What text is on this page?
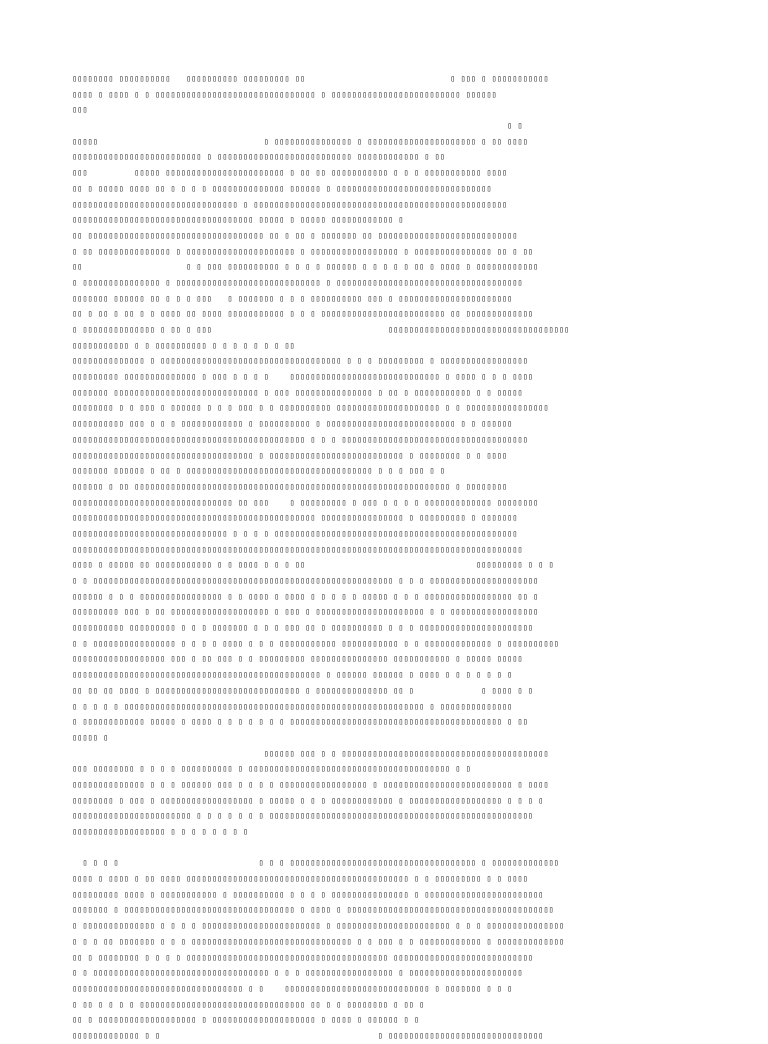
▯▯▯▯▯▯▯▯ ▯▯▯▯▯▯▯▯▯▯   ▯▯▯▯▯▯▯▯▯▯ ▯▯▯▯▯▯▯▯▯ ▯▯                            ▯ ▯▯▯ ▯ ▯▯▯▯▯▯▯▯▯▯▯
▯▯▯▯ ▯ ▯▯▯▯ ▯ ▯ ▯▯▯▯▯▯▯▯▯▯▯▯▯▯▯▯▯▯▯▯▯▯▯▯▯▯▯▯▯▯▯ ▯ ▯▯▯▯▯▯▯▯▯▯▯▯▯▯▯▯▯▯▯▯▯▯▯▯▯ ▯▯▯▯▯▯
▯▯▯
▯ ▯
▯▯▯▯▯                                ▯ ▯▯▯▯▯▯▯▯▯▯▯▯▯▯▯ ▯ ▯▯▯▯▯▯▯▯▯▯▯▯▯▯▯▯▯▯▯▯▯ ▯ ▯▯ ▯▯▯▯
▯▯▯▯▯▯▯▯▯▯▯▯▯▯▯▯▯▯▯▯▯▯▯▯▯ ▯ ▯▯▯▯▯▯▯▯▯▯▯▯▯▯▯▯▯▯▯▯▯▯▯▯▯▯ ▯▯▯▯▯▯▯▯▯▯▯▯ ▯ ▯▯
▯▯▯         ▯▯▯▯▯ ▯▯▯▯▯▯▯▯▯▯▯▯▯▯▯▯▯▯▯▯▯▯▯ ▯ ▯▯ ▯▯ ▯▯▯▯▯▯▯▯▯▯▯ ▯ ▯ ▯ ▯▯▯▯▯▯▯▯▯▯▯ ▯▯▯▯
▯▯ ▯ ▯▯▯▯▯ ▯▯▯▯ ▯▯ ▯ ▯ ▯ ▯ ▯▯▯▯▯▯▯▯▯▯▯▯▯▯ ▯▯▯▯▯▯ ▯ ▯▯▯▯▯▯▯▯▯▯▯▯▯▯▯▯▯▯▯▯▯▯▯▯▯▯▯▯▯▯
▯▯▯▯▯▯▯▯▯▯▯▯▯▯▯▯▯▯▯▯▯▯▯▯▯▯▯▯▯▯▯▯ ▯ ▯▯▯▯▯▯▯▯▯▯▯▯▯▯▯▯▯▯▯▯▯▯▯▯▯▯▯▯▯▯▯▯▯▯▯▯▯▯▯▯▯▯▯▯▯▯▯▯▯
▯▯▯▯▯▯▯▯▯▯▯▯▯▯▯▯▯▯▯▯▯▯▯▯▯▯▯▯▯▯▯▯▯▯▯ ▯▯▯▯▯ ▯ ▯▯▯▯▯ ▯▯▯▯▯▯▯▯▯▯▯▯ ▯
▯▯ ▯▯▯▯▯▯▯▯▯▯▯▯▯▯▯▯▯▯▯▯▯▯▯▯▯▯▯▯▯▯▯▯▯▯ ▯▯ ▯ ▯▯ ▯ ▯▯▯▯▯▯▯ ▯▯ ▯▯▯▯▯▯▯▯▯▯▯▯▯▯▯▯▯▯▯▯▯▯▯▯▯▯▯
▯ ▯▯ ▯▯▯▯▯▯▯▯▯▯▯▯▯▯ ▯ ▯▯▯▯▯▯▯▯▯▯▯▯▯▯▯▯▯▯▯▯▯ ▯ ▯▯▯▯▯▯▯▯▯▯▯▯▯▯▯▯▯ ▯ ▯▯▯▯▯▯▯▯▯▯▯▯▯▯▯ ▯▯ ▯ ▯▯
▯▯                    ▯ ▯ ▯▯▯ ▯▯▯▯▯▯▯▯▯▯ ▯ ▯ ▯ ▯ ▯▯▯▯▯▯ ▯ ▯ ▯ ▯ ▯ ▯▯ ▯ ▯▯▯▯ ▯ ▯▯▯▯▯▯▯▯▯▯▯▯
▯ ▯▯▯▯▯▯▯▯▯▯▯▯▯▯▯ ▯ ▯▯▯▯▯▯▯▯▯▯▯▯▯▯▯▯▯▯▯▯▯▯▯▯▯▯▯▯ ▯ ▯▯▯▯▯▯▯▯▯▯▯▯▯▯▯▯▯▯▯▯▯▯▯▯▯▯▯▯▯▯▯▯▯▯▯▯
▯▯▯▯▯▯▯ ▯▯▯▯▯▯ ▯▯ ▯ ▯ ▯ ▯▯▯   ▯ ▯▯▯▯▯▯▯ ▯ ▯ ▯ ▯▯▯▯▯▯▯▯▯▯ ▯▯▯ ▯ ▯▯▯▯▯▯▯▯▯▯▯▯▯▯▯▯▯▯▯▯▯▯
▯▯ ▯ ▯▯ ▯ ▯▯ ▯ ▯ ▯▯▯▯ ▯▯ ▯▯▯▯ ▯▯▯▯▯▯▯▯▯▯▯ ▯ ▯ ▯ ▯▯▯▯▯▯▯▯▯▯▯▯▯▯▯▯▯▯▯▯▯▯▯▯ ▯▯ ▯▯▯▯▯▯▯▯▯▯▯▯▯
▯ ▯▯▯▯▯▯▯▯▯▯▯▯▯▯ ▯ ▯▯ ▯ ▯▯▯                                  ▯▯▯▯▯▯▯▯▯▯▯▯▯▯▯▯▯▯▯▯▯▯▯▯▯▯▯▯▯▯▯▯▯▯▯
▯▯▯▯▯▯▯▯▯▯▯ ▯ ▯ ▯▯▯▯▯▯▯▯▯▯ ▯ ▯ ▯ ▯ ▯ ▯ ▯ ▯▯
▯▯▯▯▯▯▯▯▯▯▯▯▯▯ ▯ ▯▯▯▯▯▯▯▯▯▯▯▯▯▯▯▯▯▯▯▯▯▯▯▯▯▯▯▯▯▯▯▯▯▯▯ ▯ ▯ ▯ ▯▯▯▯▯▯▯▯▯ ▯ ▯▯▯▯▯▯▯▯▯▯▯▯▯▯▯▯▯
▯▯▯▯▯▯▯▯▯ ▯▯▯▯▯▯▯▯▯▯▯▯▯▯ ▯ ▯▯▯ ▯ ▯ ▯ ▯    ▯▯▯▯▯▯▯▯▯▯▯▯▯▯▯▯▯▯▯▯▯▯▯▯▯▯▯▯▯ ▯ ▯▯▯▯ ▯ ▯ ▯ ▯▯▯▯
▯▯▯▯▯▯▯ ▯▯▯▯▯▯▯▯▯▯▯▯▯▯▯▯▯▯▯▯▯▯▯▯▯▯▯▯ ▯ ▯▯▯ ▯▯▯▯▯▯▯▯▯▯▯▯▯▯▯ ▯ ▯▯ ▯ ▯▯▯▯▯▯▯▯▯▯▯ ▯ ▯ ▯▯▯▯▯
▯▯▯▯▯▯▯▯ ▯ ▯ ▯▯▯ ▯ ▯▯▯▯▯▯ ▯ ▯ ▯ ▯▯▯ ▯ ▯ ▯▯▯▯▯▯▯▯▯▯ ▯▯▯▯▯▯▯▯▯▯▯▯▯▯▯▯▯▯▯▯ ▯ ▯ ▯▯▯▯▯▯▯▯▯▯▯▯▯▯▯▯
▯▯▯▯▯▯▯▯▯▯ ▯▯▯ ▯ ▯ ▯ ▯▯▯▯▯▯▯▯▯▯▯▯ ▯ ▯▯▯▯▯▯▯▯▯▯ ▯ ▯▯▯▯▯▯▯▯▯▯▯▯▯▯▯▯▯▯▯▯▯▯▯▯▯ ▯ ▯ ▯▯▯▯▯▯
▯▯▯▯▯▯▯▯▯▯▯▯▯▯▯▯▯▯▯▯▯▯▯▯▯▯▯▯▯▯▯▯▯▯▯▯▯▯▯▯▯▯▯▯▯ ▯ ▯ ▯ ▯▯▯▯▯▯▯▯▯▯▯▯▯▯▯▯▯▯▯▯▯▯▯▯▯▯▯▯▯▯▯▯▯▯▯▯
▯▯▯▯▯▯▯▯▯▯▯▯▯▯▯▯▯▯▯▯▯▯▯▯▯▯▯▯▯▯▯▯▯▯▯ ▯ ▯▯▯▯▯▯▯▯▯▯▯▯▯▯▯▯▯▯▯▯▯▯▯▯▯▯ ▯ ▯▯▯▯▯▯▯▯ ▯ ▯ ▯▯▯▯
▯▯▯▯▯▯▯ ▯▯▯▯▯▯ ▯ ▯▯ ▯ ▯▯▯▯▯▯▯▯▯▯▯▯▯▯▯▯▯▯▯▯▯▯▯▯▯▯▯▯▯▯▯▯▯▯▯▯ ▯ ▯ ▯ ▯▯▯ ▯ ▯
▯▯▯▯▯▯ ▯ ▯▯ ▯▯▯▯▯▯▯▯▯▯▯▯▯▯▯▯▯▯▯▯▯▯▯▯▯▯▯▯▯▯▯▯▯▯▯▯▯▯▯▯▯▯▯▯▯▯▯▯▯▯▯▯▯▯▯▯▯▯▯▯▯ ▯ ▯▯▯▯▯▯▯▯
▯▯▯▯▯▯▯▯▯▯▯▯▯▯▯▯▯▯▯▯▯▯▯▯▯▯▯▯▯▯▯ ▯▯ ▯▯▯    ▯ ▯▯▯▯▯▯▯▯▯ ▯ ▯▯▯ ▯ ▯ ▯ ▯ ▯▯▯▯▯▯▯▯▯▯▯▯▯ ▯▯▯▯▯▯▯▯
▯▯▯▯▯▯▯▯▯▯▯▯▯▯▯▯▯▯▯▯▯▯▯▯▯▯▯▯▯▯▯▯▯▯▯▯▯▯▯▯▯▯▯▯▯▯▯ ▯▯▯▯▯▯▯▯▯▯▯▯▯▯▯▯ ▯ ▯▯▯▯▯▯▯▯▯ ▯ ▯▯▯▯▯▯▯
▯▯▯▯▯▯▯▯▯▯▯▯▯▯▯▯▯▯▯▯▯▯▯▯▯▯▯▯▯▯ ▯ ▯ ▯ ▯ ▯▯▯▯▯▯▯▯▯▯▯▯▯▯▯▯▯▯▯▯▯▯▯▯▯▯▯▯▯▯▯▯▯▯▯▯▯▯▯▯▯▯▯▯▯▯▯
▯▯▯▯▯▯▯▯▯▯▯▯▯▯▯▯▯▯▯▯▯▯▯▯▯▯▯▯▯▯▯▯▯▯▯▯▯▯▯▯▯▯▯▯▯▯▯▯▯▯▯▯▯▯▯▯▯▯▯▯▯▯▯▯▯▯▯▯▯▯▯▯▯▯▯▯▯▯▯▯▯▯▯▯▯▯▯
▯▯▯▯ ▯ ▯▯▯▯▯ ▯▯ ▯▯▯▯▯▯▯▯▯▯▯ ▯ ▯ ▯▯▯▯ ▯ ▯ ▯ ▯▯                                 ▯▯▯▯▯▯▯▯▯ ▯ ▯ ▯
▯ ▯ ▯▯▯▯▯▯▯▯▯▯▯▯▯▯▯▯▯▯▯▯▯▯▯▯▯▯▯▯▯▯▯▯▯▯▯▯▯▯▯▯▯▯▯▯▯▯▯▯▯▯▯▯▯▯▯▯▯▯ ▯ ▯ ▯ ▯▯▯▯▯▯▯▯▯▯▯▯▯▯▯▯▯▯▯▯▯
▯▯▯▯▯▯ ▯ ▯ ▯ ▯▯▯▯▯▯▯▯▯▯▯▯▯▯▯▯ ▯ ▯ ▯▯▯▯ ▯ ▯▯▯▯ ▯ ▯ ▯ ▯ ▯ ▯▯▯▯▯ ▯ ▯ ▯ ▯▯▯▯▯▯▯▯▯▯▯▯▯▯▯▯▯ ▯▯ ▯
▯▯▯▯▯▯▯▯▯ ▯▯▯ ▯ ▯▯ ▯▯▯▯▯▯▯▯▯▯▯▯▯▯▯▯▯▯▯ ▯ ▯▯▯ ▯ ▯▯▯▯▯▯▯▯▯▯▯▯▯▯▯▯▯▯▯▯▯ ▯ ▯ ▯▯▯▯▯▯▯▯▯▯▯▯▯▯▯▯▯
▯▯▯▯▯▯▯▯▯▯ ▯▯▯▯▯▯▯▯▯ ▯ ▯ ▯ ▯▯▯▯▯▯▯ ▯ ▯ ▯ ▯▯▯ ▯▯ ▯ ▯▯▯▯▯▯▯▯▯▯ ▯ ▯ ▯ ▯▯▯▯▯▯▯▯▯▯▯▯▯▯▯▯▯▯▯▯▯▯
▯ ▯ ▯▯▯▯▯▯▯▯▯▯▯▯▯▯▯▯ ▯ ▯ ▯ ▯ ▯▯▯▯ ▯ ▯ ▯ ▯▯▯▯▯▯▯▯▯▯▯ ▯▯▯▯▯▯▯▯▯▯▯ ▯ ▯ ▯▯▯▯▯▯▯▯▯▯▯▯▯ ▯ ▯▯▯▯▯▯▯▯▯▯
▯▯▯▯▯▯▯▯▯▯▯▯▯▯▯▯▯▯ ▯▯▯ ▯ ▯▯ ▯▯▯ ▯ ▯ ▯▯▯▯▯▯▯▯▯ ▯▯▯▯▯▯▯▯▯▯▯▯▯▯▯ ▯▯▯▯▯▯▯▯▯▯▯ ▯ ▯▯▯▯▯ ▯▯▯▯▯
▯▯▯▯▯▯▯▯▯▯▯▯▯▯▯▯▯▯▯▯▯▯▯▯▯▯▯▯▯▯▯▯▯▯▯▯▯▯▯▯▯▯▯▯▯▯▯▯ ▯ ▯▯▯▯▯▯ ▯▯▯▯▯▯ ▯ ▯▯▯▯ ▯ ▯ ▯ ▯ ▯ ▯ ▯
▯▯ ▯▯ ▯▯ ▯▯▯▯ ▯ ▯▯▯▯▯▯▯▯▯▯▯▯▯▯▯▯▯▯▯▯▯▯▯▯▯▯▯▯ ▯ ▯▯▯▯▯▯▯▯▯▯▯▯▯▯ ▯▯ ▯             ▯ ▯▯▯▯ ▯ ▯
▯ ▯ ▯ ▯ ▯ ▯▯▯▯▯▯▯▯▯▯▯▯▯▯▯▯▯▯▯▯▯▯▯▯▯▯▯▯▯▯▯▯▯▯▯▯▯▯▯▯▯▯▯▯▯▯▯▯▯▯▯▯▯▯▯▯▯▯ ▯ ▯▯▯▯▯▯▯▯▯▯▯▯▯▯
▯ ▯▯▯▯▯▯▯▯▯▯▯▯ ▯▯▯▯▯ ▯ ▯▯▯▯ ▯ ▯ ▯ ▯ ▯ ▯ ▯ ▯▯▯▯▯▯▯▯▯▯▯▯▯▯▯▯▯▯▯▯▯▯▯▯▯▯▯▯▯▯▯▯▯▯▯▯▯▯▯▯▯ ▯ ▯▯
▯▯▯▯▯ ▯
▯▯▯▯▯▯ ▯▯▯ ▯ ▯ ▯▯▯▯▯▯▯▯▯▯▯▯▯▯▯▯▯▯▯▯▯▯▯▯▯▯▯▯▯▯▯▯▯▯▯▯▯▯▯▯
▯▯▯ ▯▯▯▯▯▯▯▯ ▯ ▯ ▯ ▯ ▯▯▯▯▯▯▯▯▯▯ ▯ ▯▯▯▯▯▯▯▯▯▯▯▯▯▯▯▯▯▯▯▯▯▯▯▯▯▯▯▯▯▯▯▯▯▯▯▯▯▯▯ ▯ ▯
▯▯▯▯▯▯▯▯▯▯▯▯▯▯ ▯ ▯ ▯ ▯▯▯▯▯▯ ▯▯▯ ▯ ▯ ▯ ▯ ▯▯▯▯▯▯▯▯▯▯▯▯▯▯▯▯▯ ▯ ▯▯▯▯▯▯▯▯▯▯▯▯▯▯▯▯▯▯▯▯▯▯▯▯▯ ▯ ▯▯▯▯
▯▯▯▯▯▯▯▯ ▯ ▯▯▯ ▯ ▯▯▯▯▯▯▯▯▯▯▯▯▯▯▯▯▯▯ ▯ ▯▯▯▯▯ ▯ ▯ ▯ ▯▯▯▯▯▯▯▯▯▯▯▯ ▯ ▯▯▯▯▯▯▯▯▯▯▯▯▯▯▯▯▯▯ ▯ ▯ ▯ ▯
▯▯▯▯▯▯▯▯▯▯▯▯▯▯▯▯▯▯▯▯▯▯▯ ▯ ▯ ▯ ▯ ▯ ▯ ▯ ▯▯▯▯▯▯▯▯▯▯▯▯▯▯▯▯▯▯▯▯▯▯▯▯▯▯▯▯▯▯▯▯▯▯▯▯▯▯▯▯▯▯▯▯▯▯▯▯▯▯▯
▯▯▯▯▯▯▯▯▯▯▯▯▯▯▯▯▯▯ ▯ ▯ ▯ ▯ ▯ ▯ ▯ ▯
▯ ▯ ▯ ▯                           ▯ ▯ ▯ ▯▯▯▯▯▯▯▯▯▯▯▯▯▯▯▯▯▯▯▯▯▯▯▯▯▯▯▯▯▯▯▯▯▯▯▯ ▯ ▯▯▯▯▯▯▯▯▯▯▯▯▯
▯▯▯▯ ▯ ▯▯▯▯ ▯ ▯▯ ▯▯▯▯ ▯▯▯▯▯▯▯▯▯▯▯▯▯▯▯▯▯▯▯▯▯▯▯▯▯▯▯▯▯▯▯▯▯▯▯▯▯▯▯▯▯▯▯ ▯ ▯ ▯▯▯▯▯▯▯▯▯ ▯ ▯ ▯▯▯▯
▯▯▯▯▯▯▯▯▯ ▯▯▯▯ ▯ ▯▯▯▯▯▯▯▯▯▯▯ ▯ ▯▯▯▯▯▯▯▯▯▯ ▯ ▯ ▯ ▯ ▯▯▯▯▯▯▯▯▯▯▯▯▯▯▯ ▯ ▯▯▯▯▯▯▯▯▯▯▯▯▯▯▯▯▯▯▯▯▯▯▯
▯▯▯▯▯▯▯ ▯ ▯▯▯▯▯▯▯▯▯▯▯▯▯▯▯▯▯▯▯▯▯▯▯▯▯▯▯▯▯▯▯▯▯ ▯ ▯▯▯▯ ▯ ▯▯▯▯▯▯▯▯▯▯▯▯▯▯▯▯▯▯▯▯▯▯▯▯▯▯▯▯▯▯▯▯▯▯▯▯▯▯▯▯
▯ ▯▯▯▯▯▯▯▯▯▯▯▯▯▯ ▯ ▯ ▯ ▯ ▯▯▯▯▯▯▯▯▯▯▯▯▯▯▯▯▯▯▯▯▯▯▯ ▯ ▯▯▯▯▯▯▯▯▯▯▯▯▯▯▯▯▯▯▯▯▯▯ ▯ ▯ ▯ ▯▯▯▯▯▯▯▯▯▯▯▯▯▯▯
▯ ▯ ▯ ▯▯ ▯▯▯▯▯▯▯ ▯ ▯ ▯ ▯▯▯▯▯▯▯▯▯▯▯▯▯▯▯▯▯▯▯▯▯▯▯▯▯▯▯▯▯▯▯ ▯ ▯ ▯▯▯ ▯ ▯ ▯▯▯▯▯▯▯▯▯▯▯▯ ▯ ▯▯▯▯▯▯▯▯▯▯▯▯▯
▯▯ ▯ ▯▯▯▯▯▯▯▯ ▯ ▯ ▯ ▯ ▯▯▯▯▯▯▯▯▯▯▯▯▯▯▯▯▯▯▯▯▯▯▯▯▯▯▯▯▯▯▯▯▯▯▯▯▯▯▯ ▯▯▯▯▯▯▯▯▯▯▯▯▯▯▯▯▯▯▯▯▯▯▯▯▯▯▯
▯ ▯ ▯▯▯▯▯▯▯▯▯▯▯▯▯▯▯▯▯▯▯▯▯▯▯▯▯▯▯▯▯▯▯▯▯▯ ▯ ▯ ▯ ▯▯▯▯▯▯▯▯▯▯▯▯▯▯▯▯▯ ▯ ▯▯▯▯▯▯▯▯▯▯▯▯▯▯▯▯▯▯▯▯▯▯
▯▯▯▯▯▯▯▯▯▯▯▯▯▯▯▯▯▯▯▯▯▯▯▯▯▯▯▯▯▯▯▯▯ ▯ ▯    ▯▯▯▯▯▯▯▯▯▯▯▯▯▯▯▯▯▯▯▯▯▯▯▯▯▯▯▯ ▯ ▯▯▯▯▯▯▯ ▯ ▯ ▯
▯ ▯▯ ▯ ▯ ▯ ▯ ▯▯▯▯▯▯▯▯▯▯▯▯▯▯▯▯▯▯▯▯▯▯▯▯▯▯▯▯▯▯▯▯ ▯▯ ▯ ▯ ▯▯▯▯▯▯▯▯ ▯ ▯▯ ▯
▯▯ ▯ ▯▯▯▯▯▯▯▯▯▯▯▯▯▯▯▯▯▯▯ ▯ ▯▯▯▯▯▯▯▯▯▯▯▯▯▯▯▯▯▯▯▯ ▯ ▯▯▯▯ ▯ ▯▯▯▯▯▯ ▯ ▯
▯▯▯▯▯▯▯▯▯▯▯▯▯ ▯ ▯                                          ▯ ▯▯▯▯▯▯▯▯▯▯▯▯▯▯▯▯▯▯▯▯▯▯▯▯▯▯▯▯▯▯
